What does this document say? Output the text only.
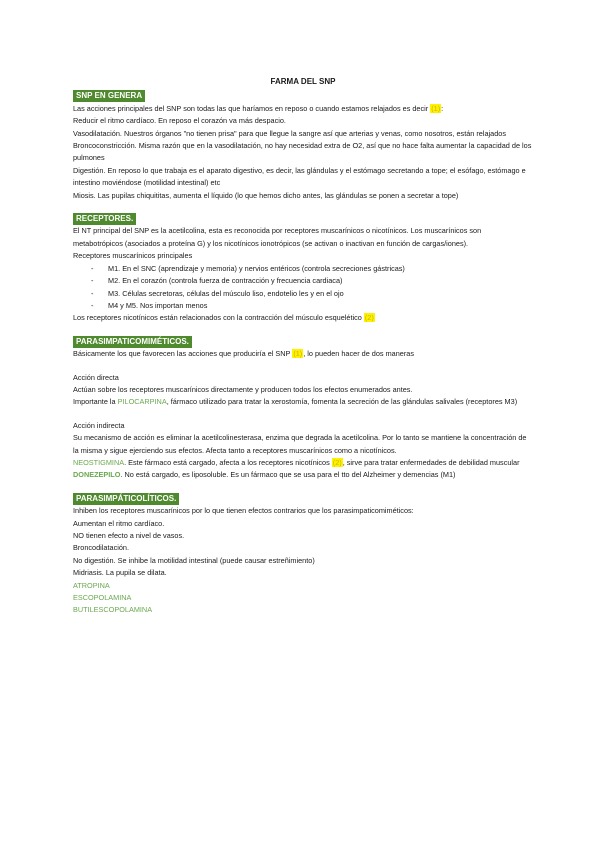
FARMA DEL SNP

SNP EN GENERA

Las acciones principales del SNP son todas las que haríamos en reposo o cuando estamos relajados es decir (1):

Reducir el ritmo cardíaco. En reposo el corazón va más despacio.

Vasodilatación. Nuestros órganos "no tienen prisa" para que llegue la sangre así que arterias y venas, como nosotros, están relajados

Broncoconstricción. Misma razón que en la vasodilatación, no hay necesidad extra de O2, así que no hace falta aumentar la capacidad de los pulmones

Digestión. En reposo lo que trabaja es el aparato digestivo, es decir, las glándulas y el estómago secretando a tope; el esófago, estómago e intestino moviéndose (motilidad intestinal) etc

Miosis. Las pupilas chiquititas, aumenta el líquido (lo que hemos dicho antes, las glándulas se ponen a secretar a tope)

RECEPTORES.

El NT principal del SNP es la acetilcolina, esta es reconocida por receptores muscarínicos o nicotínicos. Los muscarínicos son metabotrópicos (asociados a proteína G) y los nicotínicos ionotrópicos (se activan o inactivan en función de cargas/iones).

Receptores muscarínicos principales

- M1. En el SNC (aprendizaje y memoria) y nervios entéricos (controla secreciones gástricas)
- M2. En el corazón (controla fuerza de contracción y frecuencia cardiaca)
- M3. Células secretoras, células del músculo liso, endotelio les y en el ojo
- M4 y M5. Nos importan menos

Los receptores nicotínicos están relacionados con la contracción del músculo esquelético (2)

PARASIMPATICOMIMÉTICOS.

Básicamente los que favorecen las acciones que produciría el SNP (1), lo pueden hacer de dos maneras

Acción directa

Actúan sobre los receptores muscarínicos directamente y producen todos los efectos enumerados antes.

Importante la PILOCARPINA, fármaco utilizado para tratar la xerostomía, fomenta la secreción de las glándulas salivales (receptores M3)

Acción indirecta

Su mecanismo de acción es eliminar la acetilcolinesterasa, enzima que degrada la acetilcolina. Por lo tanto se mantiene la concentración de la misma y sigue ejerciendo sus efectos. Afecta tanto a receptores muscarínicos como a nicotínicos.

NEOSTIGMINA. Este fármaco está cargado, afecta a los receptores nicotínicos (2), sirve para tratar enfermedades de debilidad muscular

DONEZEPILO. No está cargado, es liposoluble. Es un fármaco que se usa para el tto del Alzheimer y demencias (M1)

PARASIMPÁTICOLÍTICOS.

Inhiben los receptores muscarínicos por lo que tienen efectos contrarios que los parasimpaticomiméticos:

Aumentan el ritmo cardíaco.

NO tienen efecto a nivel de vasos.

Broncodilatación.

No digestión. Se inhibe la motilidad intestinal (puede causar estreñimiento)

Midriasis. La pupila se dilata.

ATROPINA

ESCOPOLAMINA

BUTILESCOPOLAMINA
